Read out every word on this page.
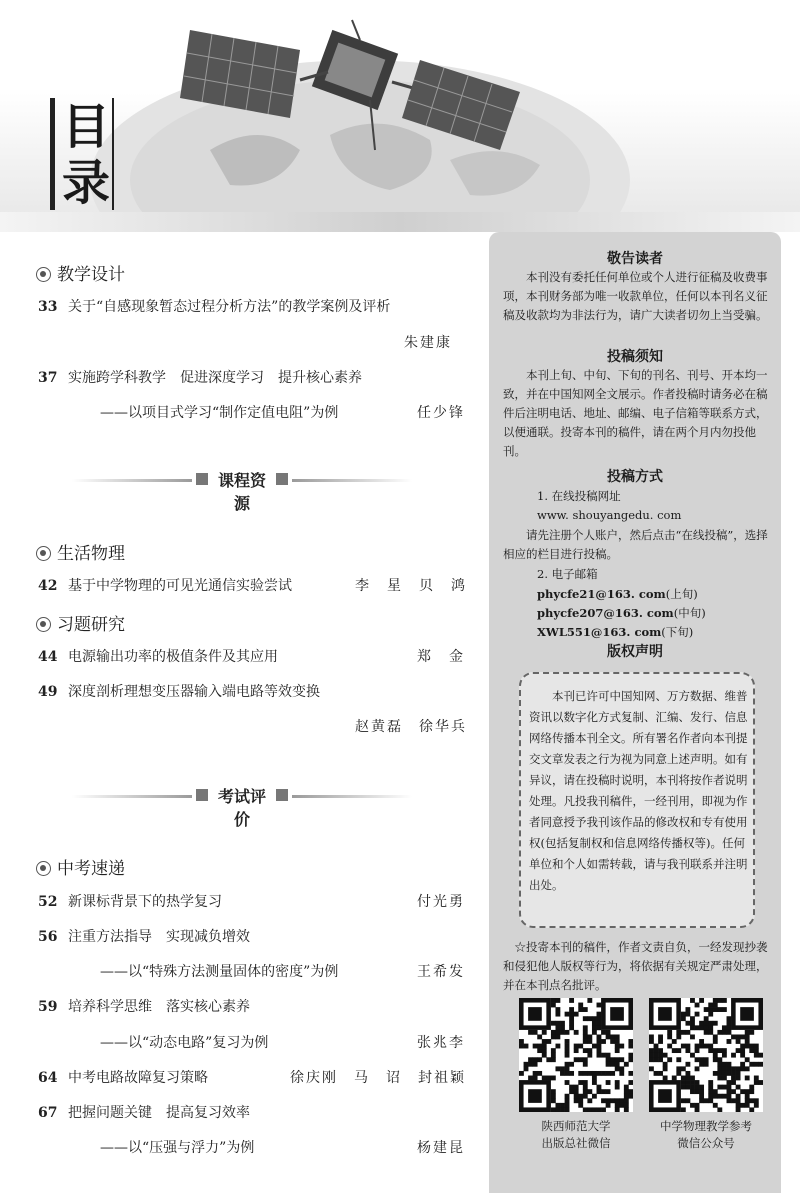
目
录
教学设计
33 关于“自感现象暂态过程分析方法”的教学案例及评析
朱建康
37 实施跨学科教学　促进深度学习　提升核心素养
——以项目式学习“制作定值电阻”为例	任少锋
课程资源
生活物理
42 基于中学物理的可见光通信实验尝试	李　星　贝　鸿
习题研究
44 电源输出功率的极值条件及其应用	郑　金
49 深度剖析理想变压器输入端电路等效变换
赵黄磊　徐华兵
考试评价
中考速递
52 新课标背景下的热学复习	付光勇
56 注重方法指导　实现减负增效
——以“特殊方法测量固体的密度”为例	王希发
59 培养科学思维　落实核心素养
——以“动态电路”复习为例	张兆李
64 中考电路故障复习策略	徐庆刚　马　诏　封祖颖
67 把握问题关键　提高复习效率
——以“压强与浮力”为例	杨建昆
敬告读者

本刊没有委托任何单位或个人进行征稿及收费事项，本刊财务部为唯一收款单位，任何以本刊名义征稿及收款均为非法行为，请广大读者切勿上当受骗。

投稿须知

本刊上旬、中旬、下旬的刊名、刊号、开本均一致，并在中国知网全文展示。作者投稿时请务必在稿件后注明电话、地址、邮编、电子信箱等联系方式，以便通联。投寄本刊的稿件，请在两个月内勿投他刊。

投稿方式
1. 在线投稿网址
www. shouyangedu. com

请先注册个人账户，然后点击“在线投稿”，选择相应的栏目进行投稿。

2. 电子邮箱
phycfe21@163. com(上旬)
phycfe207@163. com(中旬)
XWL551@163. com(下旬)
版权声明

本刊已许可中国知网、万方数据、维普资讯以数字化方式复制、汇编、发行、信息网络传播本刊全文。所有署名作者向本刊提交文章发表之行为视为同意上述声明。如有异议，请在投稿时说明，本刊将按作者说明处理。凡投我刊稿件，一经刊用，即视为作者同意授予我刊该作品的修改权和专有使用权(包括复制权和信息网络传播权等)。任何单位和个人如需转载，请与我刊联系并注明出处。

☆投寄本刊的稿件，作者文责自负，一经发现抄袭和侵犯他人版权等行为，将依据有关规定严肃处理，并在本刊点名批评。

陕西师范大学
出版总社微信
中学物理教学参考
微信公众号
